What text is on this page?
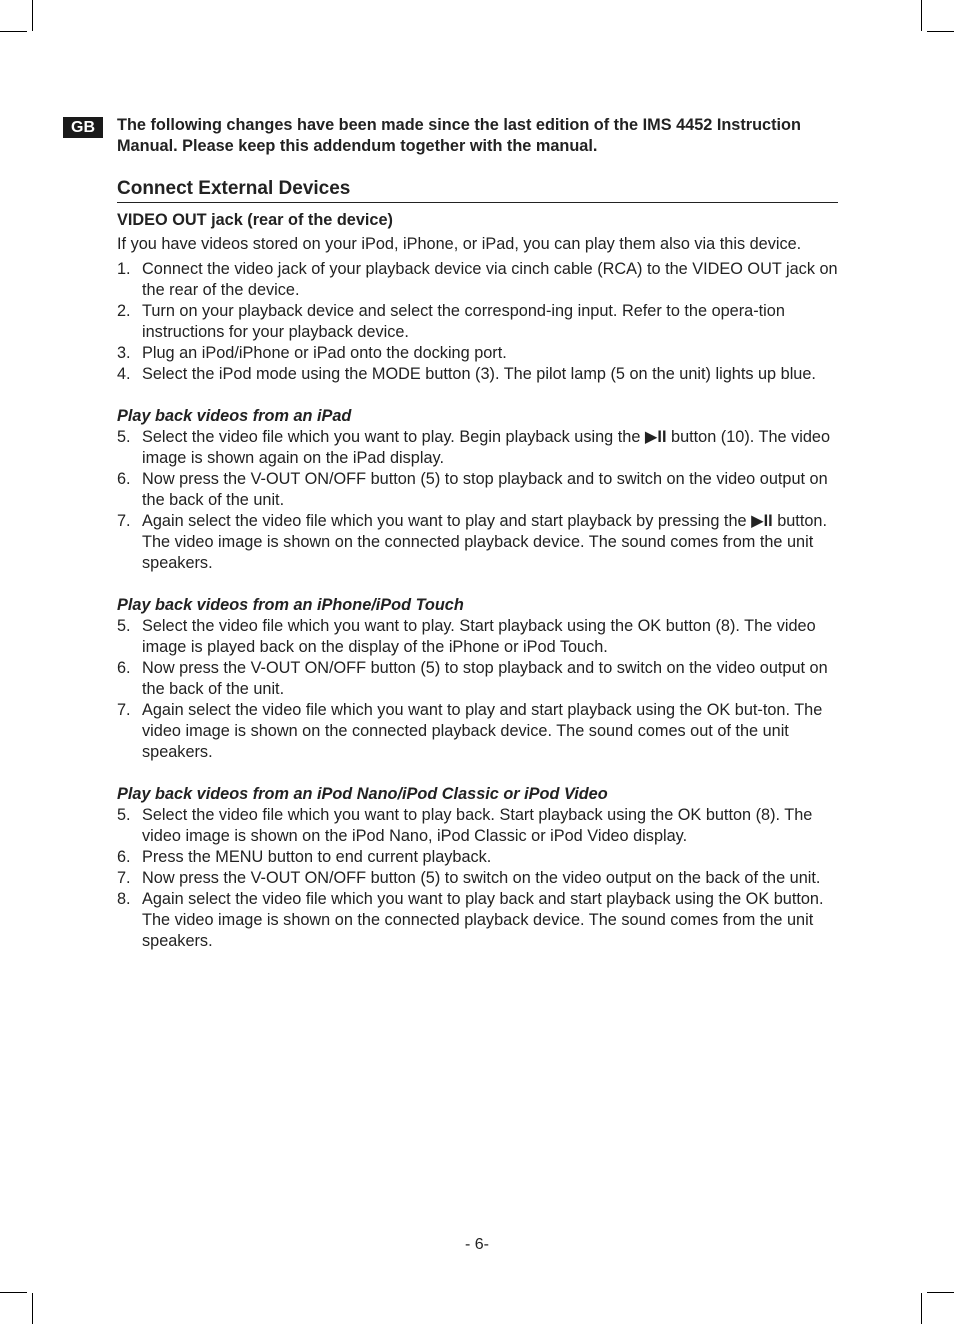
GB	The following changes have been made since the last edition of the IMS 4452 Instruction Manual. Please keep this addendum together with the manual.

Connect External Devices
VIDEO OUT jack (rear of the device)

If you have videos stored on your iPod, iPhone, or iPad, you can play them also via this device.

1. Connect the video jack of your playback device via cinch cable (RCA) to the VIDEO OUT jack on the rear of the device.
2. Turn on your playback device and select the correspond-ing input. Refer to the opera-tion instructions for your playback device.
3. Plug an iPod/iPhone or iPad onto the docking port.
4. Select the iPod mode using the MODE button (3). The pilot lamp (5 on the unit) lights up blue.
Play back videos from an iPad
5. Select the video file which you want to play. Begin playback using the ▶II button (10). The video image is shown again on the iPad display.
6. Now press the V-OUT ON/OFF button (5) to stop playback and to switch on the video output on the back of the unit.
7. Again select the video file which you want to play and start playback by pressing the ▶II button. The video image is shown on the connected playback device. The sound comes from the unit speakers.
Play back videos from an iPhone/iPod Touch
5. Select the video file which you want to play. Start playback using the OK button (8). The video image is played back on the display of the iPhone or iPod Touch.
6. Now press the V-OUT ON/OFF button (5) to stop playback and to switch on the video output on the back of the unit.
7. Again select the video file which you want to play and start playback using the OK but-ton. The video image is shown on the connected playback device. The sound comes out of the unit speakers.
Play back videos from an iPod Nano/iPod Classic or iPod Video
5. Select the video file which you want to play back. Start playback using the OK button (8). The video image is shown on the iPod Nano, iPod Classic or iPod Video display.
6. Press the MENU button to end current playback.
7. Now press the V-OUT ON/OFF button (5) to switch on the video output on the back of the unit.
8. Again select the video file which you want to play back and start playback using the OK button. The video image is shown on the connected playback device. The sound comes from the unit speakers.
- 6-
